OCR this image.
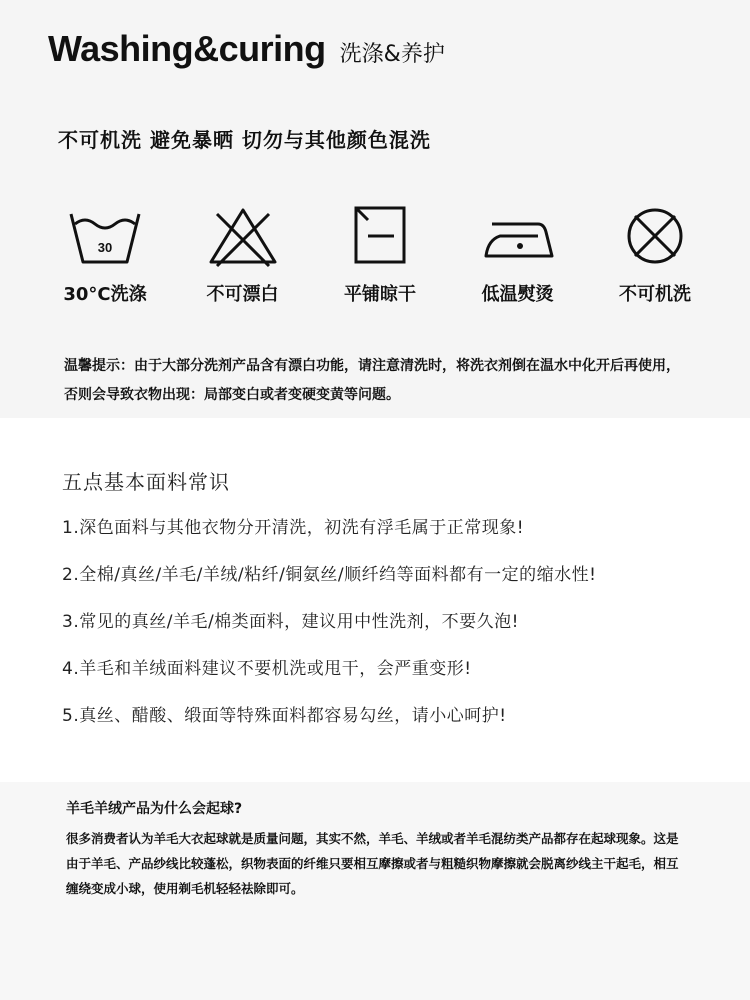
Washing&curing 洗涤&养护
不可机洗 避免暴晒 切勿与其他颜色混洗
30
30°C洗涤	不可漂白	平铺晾干	低温熨烫	不可机洗
温馨提示：由于大部分洗剂产品含有漂白功能，请注意清洗时，将洗衣剂倒在温水中化开后再使用，否则会导致衣物出现：局部变白或者变硬变黄等问题。
五点基本面料常识
1.深色面料与其他衣物分开清洗，初洗有浮毛属于正常现象!
2.全棉/真丝/羊毛/羊绒/粘纤/铜氨丝/顺纤绉等面料都有一定的缩水性!
3.常见的真丝/羊毛/棉类面料，建议用中性洗剂，不要久泡!
4.羊毛和羊绒面料建议不要机洗或甩干，会严重变形!
5.真丝、醋酸、缎面等特殊面料都容易勾丝，请小心呵护!
羊毛羊绒产品为什么会起球?
很多消费者认为羊毛大衣起球就是质量问题，其实不然，羊毛、羊绒或者羊毛混纺类产品都存在起球现象。这是由于羊毛、产品纱线比较蓬松，织物表面的纤维只要相互摩擦或者与粗糙织物摩擦就会脱离纱线主干起毛，相互缠绕变成小球，使用剃毛机轻轻祛除即可。
